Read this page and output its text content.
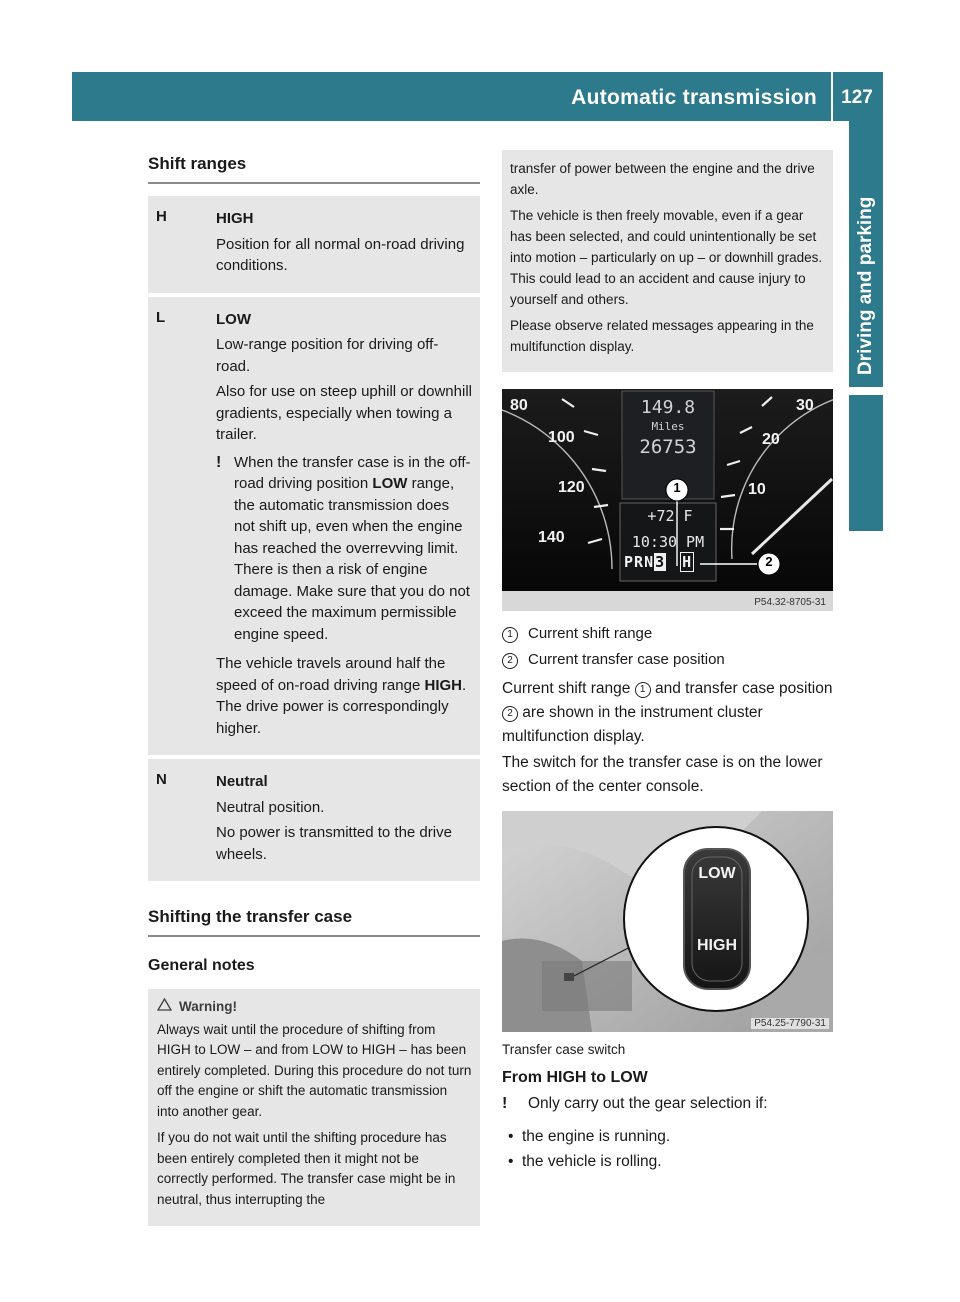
Automatic transmission	127
Driving and parking
Shift ranges
H	HIGH

Position for all normal on-road driving conditions.

L	LOW

Low-range position for driving off-road.

Also for use on steep uphill or downhill gradients, especially when towing a trailer.

! When the transfer case is in the off-road driving position LOW range, the automatic transmission does not shift up, even when the engine has reached the overrevving limit. There is then a risk of engine damage. Make sure that you do not exceed the maximum permissible engine speed.

The vehicle travels around half the speed of on-road driving range HIGH. The drive power is correspondingly higher.

N	Neutral

Neutral position.

No power is transmitted to the drive wheels.

Shifting the transfer case
General notes
Warning!

Always wait until the procedure of shifting from HIGH to LOW – and from LOW to HIGH – has been entirely completed. During this procedure do not turn off the engine or shift the automatic transmission into another gear.

If you do not wait until the shifting procedure has been entirely completed then it might not be correctly performed. The transfer case might be in neutral, thus interrupting the

transfer of power between the engine and the drive axle.

The vehicle is then freely movable, even if a gear has been selected, and could unintentionally be set into motion – particularly on up – or downhill grades. This could lead to an accident and cause injury to yourself and others.

Please observe related messages appearing in the multifunction display.

80
100
120
140
30
20
10
149.8
Miles
26753
+72 F
10:30 PM
PRN3 H
1
2
P54.32-8705-31
1	Current shift range
2	Current transfer case position

Current shift range 1 and transfer case position 2 are shown in the instrument cluster multifunction display.

The switch for the transfer case is on the lower section of the center console.

LOW
HIGH
P54.25-7790-31
Transfer case switch
From HIGH to LOW
!	Only carry out the gear selection if:
• the engine is running.
• the vehicle is rolling.
